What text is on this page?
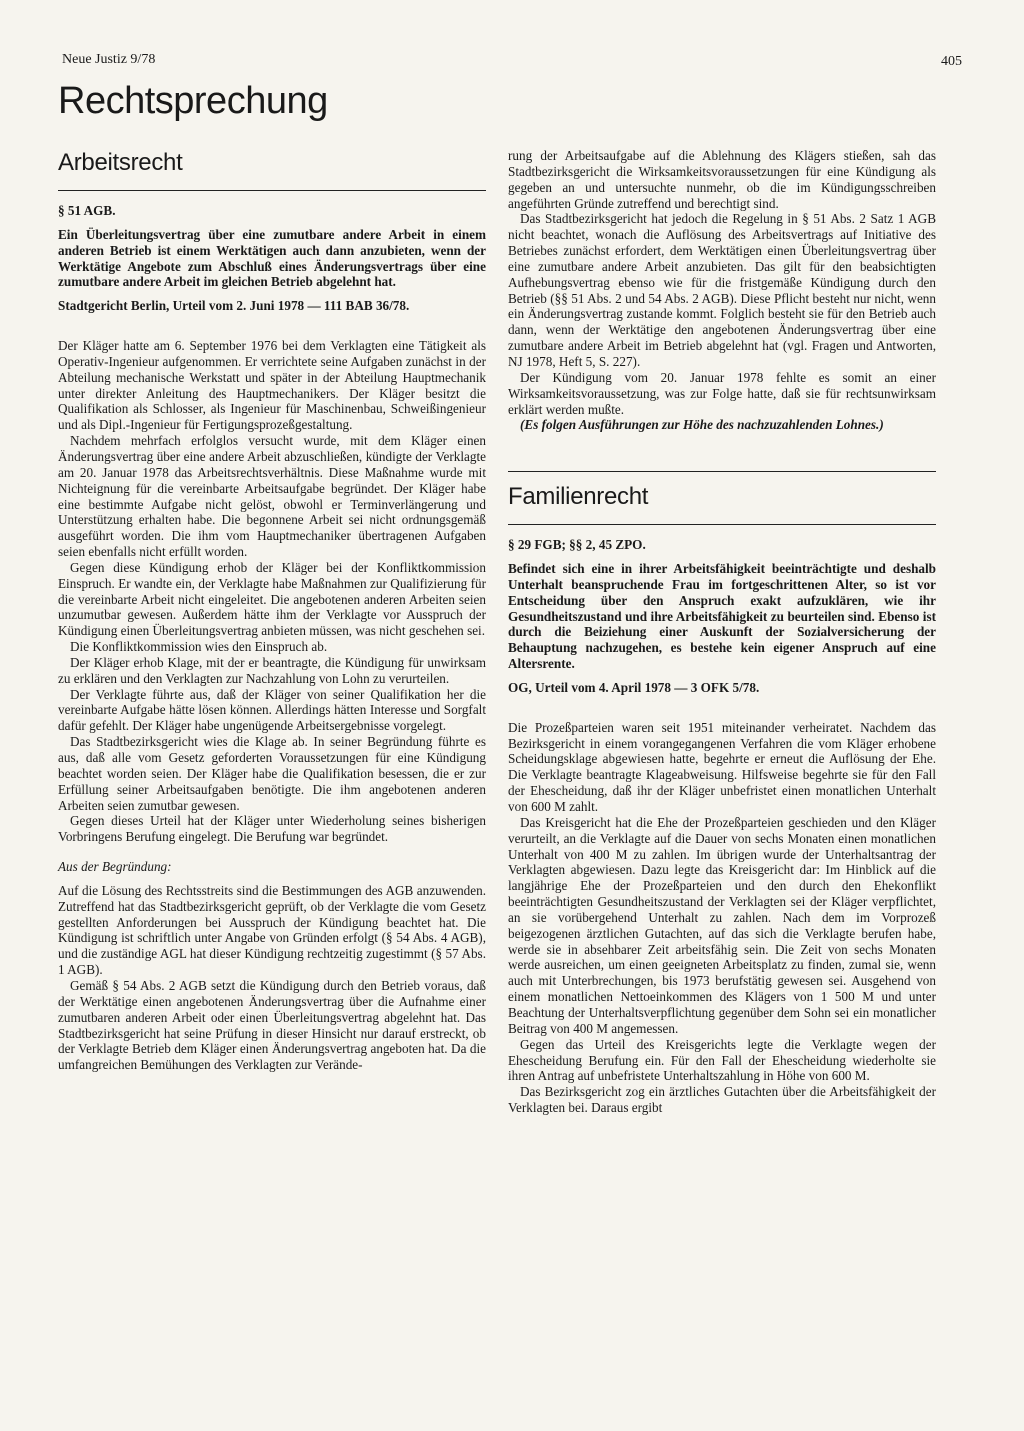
Neue Justiz 9/78	405
Rechtsprechung
Arbeitsrecht
§ 51 AGB.
Ein Überleitungsvertrag über eine zumutbare andere Arbeit in einem anderen Betrieb ist einem Werktätigen auch dann anzubieten, wenn der Werktätige Angebote zum Abschluß eines Änderungsvertrags über eine zumutbare andere Arbeit im gleichen Betrieb abgelehnt hat.
Stadtgericht Berlin, Urteil vom 2. Juni 1978 — 111 BAB 36/78.

Der Kläger hatte am 6. September 1976 bei dem Verklagten eine Tätigkeit als Operativ-Ingenieur aufgenommen. Er verrichtete seine Aufgaben zunächst in der Abteilung mechanische Werkstatt und später in der Abteilung Hauptmechanik unter direkter Anleitung des Hauptmechanikers. Der Kläger besitzt die Qualifikation als Schlosser, als Ingenieur für Maschinenbau, Schweißingenieur und als Dipl.-Ingenieur für Fertigungsprozeßgestaltung.

Nachdem mehrfach erfolglos versucht wurde, mit dem Kläger einen Änderungsvertrag über eine andere Arbeit abzuschließen, kündigte der Verklagte am 20. Januar 1978 das Arbeitsrechtsverhältnis. Diese Maßnahme wurde mit Nichteignung für die vereinbarte Arbeitsaufgabe begründet. Der Kläger habe eine bestimmte Aufgabe nicht gelöst, obwohl er Terminverlängerung und Unterstützung erhalten habe. Die begonnene Arbeit sei nicht ordnungsgemäß ausgeführt worden. Die ihm vom Hauptmechaniker übertragenen Aufgaben seien ebenfalls nicht erfüllt worden.

Gegen diese Kündigung erhob der Kläger bei der Konfliktkommission Einspruch. Er wandte ein, der Verklagte habe Maßnahmen zur Qualifizierung für die vereinbarte Arbeit nicht eingeleitet. Die angebotenen anderen Arbeiten seien unzumutbar gewesen. Außerdem hätte ihm der Verklagte vor Ausspruch der Kündigung einen Überleitungsvertrag anbieten müssen, was nicht geschehen sei.

Die Konfliktkommission wies den Einspruch ab.

Der Kläger erhob Klage, mit der er beantragte, die Kündigung für unwirksam zu erklären und den Verklagten zur Nachzahlung von Lohn zu verurteilen.

Der Verklagte führte aus, daß der Kläger von seiner Qualifikation her die vereinbarte Aufgabe hätte lösen können. Allerdings hätten Interesse und Sorgfalt dafür gefehlt. Der Kläger habe ungenügende Arbeitsergebnisse vorgelegt.

Das Stadtbezirksgericht wies die Klage ab. In seiner Begründung führte es aus, daß alle vom Gesetz geforderten Voraussetzungen für eine Kündigung beachtet worden seien. Der Kläger habe die Qualifikation besessen, die er zur Erfüllung seiner Arbeitsaufgaben benötigte. Die ihm angebotenen anderen Arbeiten seien zumutbar gewesen.

Gegen dieses Urteil hat der Kläger unter Wiederholung seines bisherigen Vorbringens Berufung eingelegt. Die Berufung war begründet.

Aus der Begründung:

Auf die Lösung des Rechtsstreits sind die Bestimmungen des AGB anzuwenden. Zutreffend hat das Stadtbezirksgericht geprüft, ob der Verklagte die vom Gesetz gestellten Anforderungen bei Ausspruch der Kündigung beachtet hat. Die Kündigung ist schriftlich unter Angabe von Gründen erfolgt (§ 54 Abs. 4 AGB), und die zuständige AGL hat dieser Kündigung rechtzeitig zugestimmt (§ 57 Abs. 1 AGB).

Gemäß § 54 Abs. 2 AGB setzt die Kündigung durch den Betrieb voraus, daß der Werktätige einen angebotenen Änderungsvertrag über die Aufnahme einer zumutbaren anderen Arbeit oder einen Überleitungsvertrag abgelehnt hat. Das Stadtbezirksgericht hat seine Prüfung in dieser Hinsicht nur darauf erstreckt, ob der Verklagte Betrieb dem Kläger einen Änderungsvertrag angeboten hat. Da die umfangreichen Bemühungen des Verklagten zur Verände-

rung der Arbeitsaufgabe auf die Ablehnung des Klägers stießen, sah das Stadtbezirksgericht die Wirksamkeitsvoraussetzungen für eine Kündigung als gegeben an und untersuchte nunmehr, ob die im Kündigungsschreiben angeführten Gründe zutreffend und berechtigt sind.

Das Stadtbezirksgericht hat jedoch die Regelung in § 51 Abs. 2 Satz 1 AGB nicht beachtet, wonach die Auflösung des Arbeitsvertrags auf Initiative des Betriebes zunächst erfordert, dem Werktätigen einen Überleitungsvertrag über eine zumutbare andere Arbeit anzubieten. Das gilt für den beabsichtigten Aufhebungsvertrag ebenso wie für die fristgemäße Kündigung durch den Betrieb (§§ 51 Abs. 2 und 54 Abs. 2 AGB). Diese Pflicht besteht nur nicht, wenn ein Änderungsvertrag zustande kommt. Folglich besteht sie für den Betrieb auch dann, wenn der Werktätige den angebotenen Änderungsvertrag über eine zumutbare andere Arbeit im Betrieb abgelehnt hat (vgl. Fragen und Antworten, NJ 1978, Heft 5, S. 227).

Der Kündigung vom 20. Januar 1978 fehlte es somit an einer Wirksamkeitsvoraussetzung, was zur Folge hatte, daß sie für rechtsunwirksam erklärt werden mußte.

(Es folgen Ausführungen zur Höhe des nachzuzahlenden Lohnes.)

Familienrecht
§ 29 FGB; §§ 2, 45 ZPO.
Befindet sich eine in ihrer Arbeitsfähigkeit beeinträchtigte und deshalb Unterhalt beanspruchende Frau im fortgeschrittenen Alter, so ist vor Entscheidung über den Anspruch exakt aufzuklären, wie ihr Gesundheitszustand und ihre Arbeitsfähigkeit zu beurteilen sind. Ebenso ist durch die Beiziehung einer Auskunft der Sozialversicherung der Behauptung nachzugehen, es bestehe kein eigener Anspruch auf eine Altersrente.
OG, Urteil vom 4. April 1978 — 3 OFK 5/78.

Die Prozeßparteien waren seit 1951 miteinander verheiratet. Nachdem das Bezirksgericht in einem vorangegangenen Verfahren die vom Kläger erhobene Scheidungsklage abgewiesen hatte, begehrte er erneut die Auflösung der Ehe. Die Verklagte beantragte Klageabweisung. Hilfsweise begehrte sie für den Fall der Ehescheidung, daß ihr der Kläger unbefristet einen monatlichen Unterhalt von 600 M zahlt.

Das Kreisgericht hat die Ehe der Prozeßparteien geschieden und den Kläger verurteilt, an die Verklagte auf die Dauer von sechs Monaten einen monatlichen Unterhalt von 400 M zu zahlen. Im übrigen wurde der Unterhaltsantrag der Verklagten abgewiesen. Dazu legte das Kreisgericht dar: Im Hinblick auf die langjährige Ehe der Prozeßparteien und den durch den Ehekonflikt beeinträchtigten Gesundheitszustand der Verklagten sei der Kläger verpflichtet, an sie vorübergehend Unterhalt zu zahlen. Nach dem im Vorprozeß beigezogenen ärztlichen Gutachten, auf das sich die Verklagte berufen habe, werde sie in absehbarer Zeit arbeitsfähig sein. Die Zeit von sechs Monaten werde ausreichen, um einen geeigneten Arbeitsplatz zu finden, zumal sie, wenn auch mit Unterbrechungen, bis 1973 berufstätig gewesen sei. Ausgehend von einem monatlichen Nettoeinkommen des Klägers von 1 500 M und unter Beachtung der Unterhaltsverpflichtung gegenüber dem Sohn sei ein monatlicher Beitrag von 400 M angemessen.

Gegen das Urteil des Kreisgerichts legte die Verklagte wegen der Ehescheidung Berufung ein. Für den Fall der Ehescheidung wiederholte sie ihren Antrag auf unbefristete Unterhaltszahlung in Höhe von 600 M.

Das Bezirksgericht zog ein ärztliches Gutachten über die Arbeitsfähigkeit der Verklagten bei. Daraus ergibt
